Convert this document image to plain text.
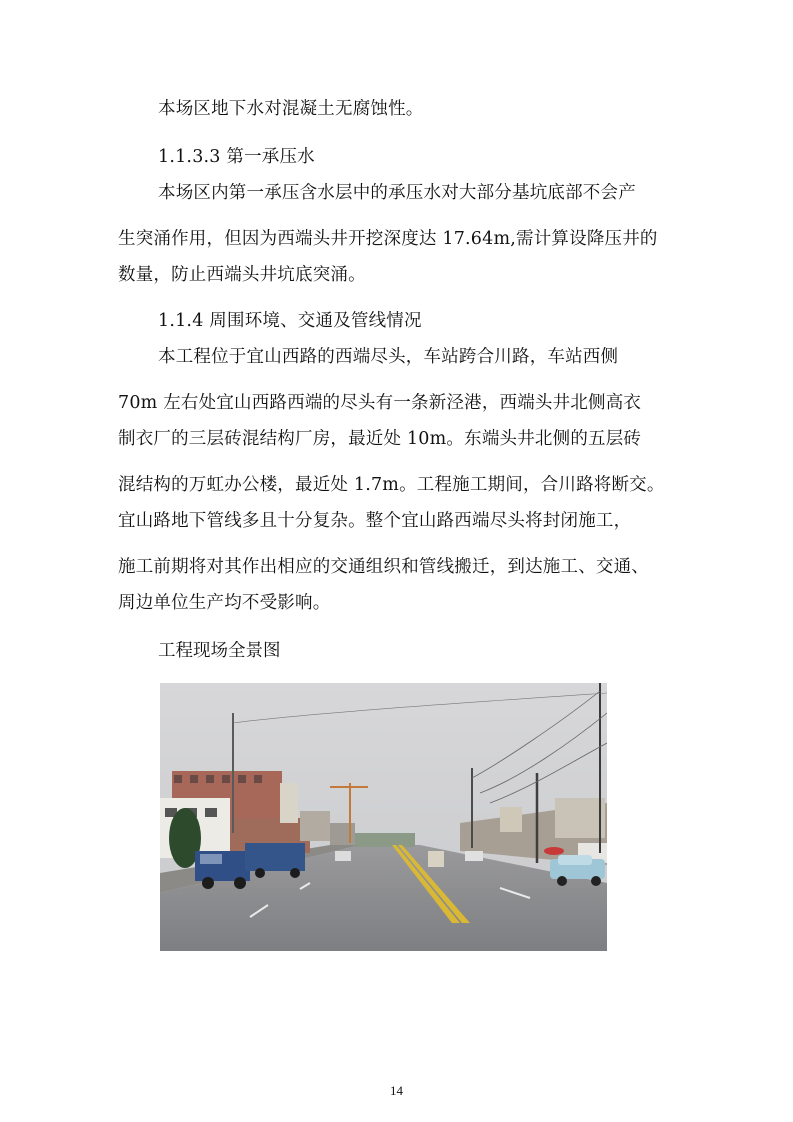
本场区地下水对混凝土无腐蚀性。
1.1.3.3 第一承压水
本场区内第一承压含水层中的承压水对大部分基坑底部不会产
生突涌作用，但因为西端头井开挖深度达 17.64m,需计算设降压井的
数量，防止西端头井坑底突涌。
1.1.4 周围环境、交通及管线情况
本工程位于宜山西路的西端尽头，车站跨合川路，车站西侧
70m 左右处宜山西路西端的尽头有一条新泾港，西端头井北侧高衣
制衣厂的三层砖混结构厂房，最近处 10m。东端头井北侧的五层砖
混结构的万虹办公楼，最近处 1.7m。工程施工期间，合川路将断交。
宜山路地下管线多且十分复杂。整个宜山路西端尽头将封闭施工，
施工前期将对其作出相应的交通组织和管线搬迁，到达施工、交通、
周边单位生产均不受影响。
工程现场全景图
14
